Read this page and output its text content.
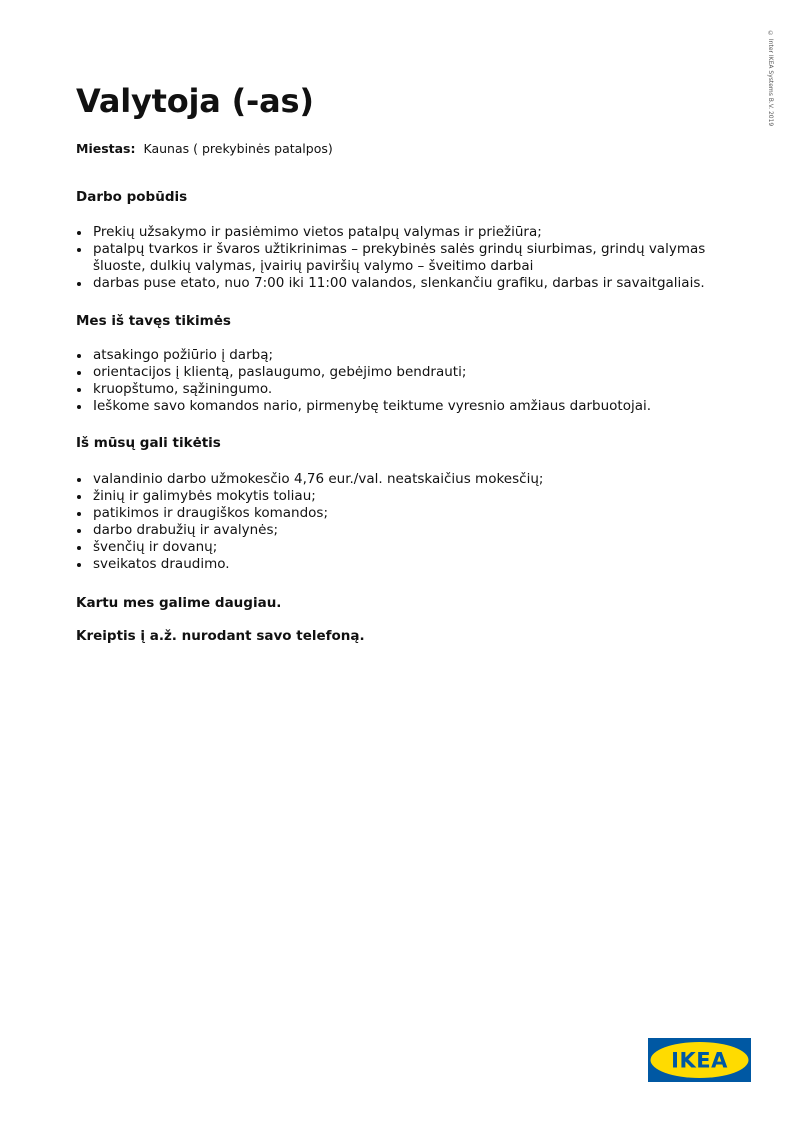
© Inter IKEA Systems B.V. 2019
Valytoja (-as)
Miestas: Kaunas ( prekybinės patalpos)
Darbo pobūdis
Prekių užsakymo ir pasiėmimo vietos patalpų valymas ir priežiūra;
patalpų tvarkos ir švaros užtikrinimas – prekybinės salės grindų siurbimas, grindų valymas šluoste, dulkių valymas, įvairių paviršių valymo – šveitimo darbai
darbas puse etato, nuo 7:00 iki 11:00 valandos, slenkančiu grafiku, darbas ir savaitgaliais.
Mes iš tavęs tikimės
atsakingo požiūrio į darbą;
orientacijos į klientą, paslaugumo, gebėjimo bendrauti;
kruopštumo, sąžiningumo.
Ieškome savo komandos nario, pirmenybę teiktume vyresnio amžiaus darbuotojai.
Iš mūsų gali tikėtis
valandinio darbo užmokesčio 4,76 eur./val. neatskaičius mokesčių;
žinių ir galimybės mokytis toliau;
patikimos ir draugiškos komandos;
darbo drabužių ir avalynės;
švenčių ir dovanų;
sveikatos draudimo.

Kartu mes galime daugiau.

Kreiptis į a.ž. nurodant savo telefoną.

IKEA
